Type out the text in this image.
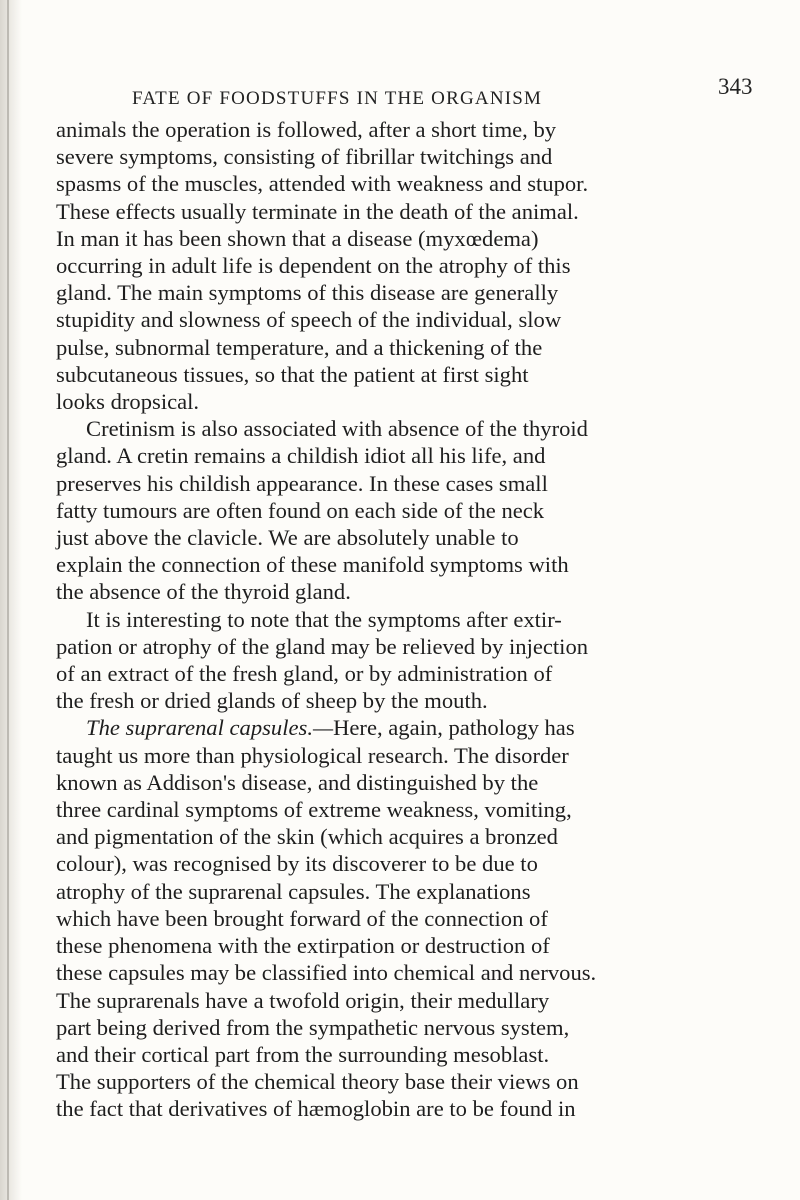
FATE OF FOODSTUFFS IN THE ORGANISM	343
animals the operation is followed, after a short time, by
severe symptoms, consisting of fibrillar twitchings and
spasms of the muscles, attended with weakness and stupor.
These effects usually terminate in the death of the animal.
In man it has been shown that a disease (myxœdema)
occurring in adult life is dependent on the atrophy of this
gland. The main symptoms of this disease are generally
stupidity and slowness of speech of the individual, slow
pulse, subnormal temperature, and a thickening of the
subcutaneous tissues, so that the patient at first sight
looks dropsical.
Cretinism is also associated with absence of the thyroid
gland. A cretin remains a childish idiot all his life, and
preserves his childish appearance. In these cases small
fatty tumours are often found on each side of the neck
just above the clavicle. We are absolutely unable to
explain the connection of these manifold symptoms with
the absence of the thyroid gland.
It is interesting to note that the symptoms after extir-
pation or atrophy of the gland may be relieved by injection
of an extract of the fresh gland, or by administration of
the fresh or dried glands of sheep by the mouth.
The suprarenal capsules.—Here, again, pathology has
taught us more than physiological research. The disorder
known as Addison's disease, and distinguished by the
three cardinal symptoms of extreme weakness, vomiting,
and pigmentation of the skin (which acquires a bronzed
colour), was recognised by its discoverer to be due to
atrophy of the suprarenal capsules. The explanations
which have been brought forward of the connection of
these phenomena with the extirpation or destruction of
these capsules may be classified into chemical and nervous.
The suprarenals have a twofold origin, their medullary
part being derived from the sympathetic nervous system,
and their cortical part from the surrounding mesoblast.
The supporters of the chemical theory base their views on
the fact that derivatives of hæmoglobin are to be found in
